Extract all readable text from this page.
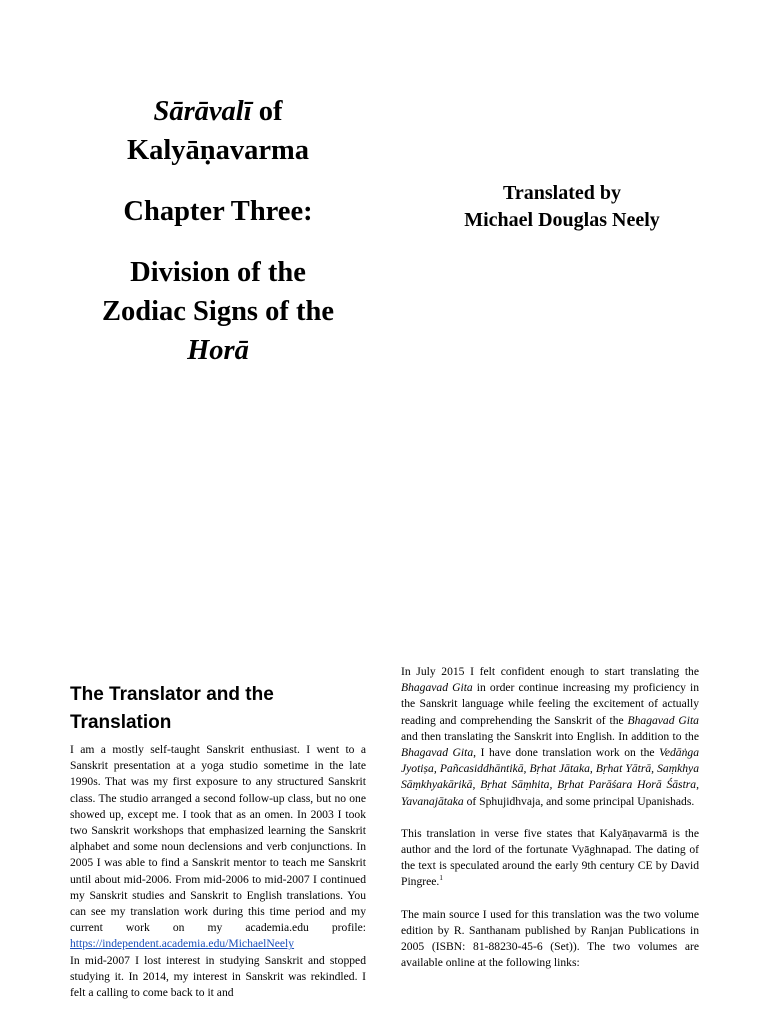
Sārāvalī of

Kalyāṇavarma

Chapter Three:

Division of the

Zodiac Signs of the

Horā

Translated by

Michael Douglas Neely

The Translator and the
Translation

I am a mostly self-taught Sanskrit enthusiast. I went to a Sanskrit presentation at a yoga studio sometime in the late 1990s. That was my first exposure to any structured Sanskrit class. The studio arranged a second follow-up class, but no one showed up, except me. I took that as an omen. In 2003 I took two Sanskrit workshops that emphasized learning the Sanskrit alphabet and some noun declensions and verb conjunctions. In 2005 I was able to find a Sanskrit mentor to teach me Sanskrit until about mid-2006. From mid-2006 to mid-2007 I continued my Sanskrit studies and Sanskrit to English translations. You can see my translation work during this time period and my current work on my academia.edu profile: https://independent.academia.edu/MichaelNeely

In mid-2007 I lost interest in studying Sanskrit and stopped studying it. In 2014, my interest in Sanskrit was rekindled. I felt a calling to come back to it and

In July 2015 I felt confident enough to start translating the Bhagavad Gita in order continue increasing my proficiency in the Sanskrit language while feeling the excitement of actually reading and comprehending the Sanskrit of the Bhagavad Gita and then translating the Sanskrit into English. In addition to the Bhagavad Gita, I have done translation work on the Vedāṅga Jyotiṣa, Pañcasiddhāntikā, Bṛhat Jātaka, Bṛhat Yātrā, Saṃkhya Sāṃkhyakārikā, Bṛhat Sāṃhita, Bṛhat Parāśara Horā Śāstra, Yavanajātaka of Sphujidhvaja, and some principal Upanishads.

This translation in verse five states that Kalyāṇavarmā is the author and the lord of the fortunate Vyāghnapad. The dating of the text is speculated around the early 9th century CE by David Pingree.$^1$

The main source I used for this translation was the two volume edition by R. Santhanam published by Ranjan Publications in 2005 (ISBN: 81-88230-45-6 (Set)). The two volumes are available online at the following links:
